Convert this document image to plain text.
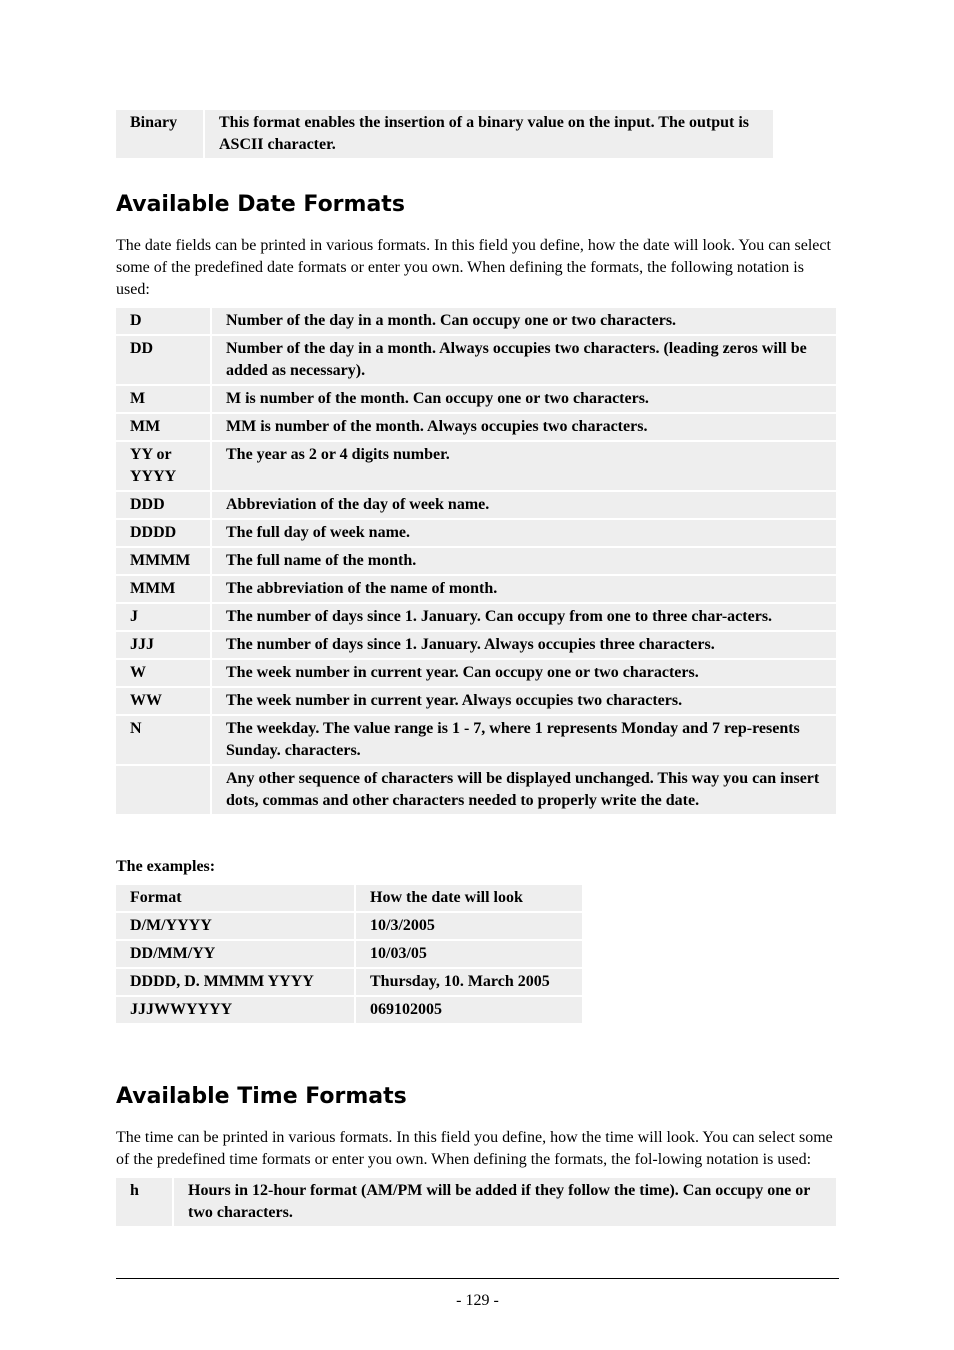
Binary	This format enables the insertion of a binary value on the input. The output is ASCII character.
Available Date Formats

The date fields can be printed in various formats. In this field you define, how the date will look. You can select some of the predefined date formats or enter you own. When defining the formats, the following notation is used:

D	Number of the day in a month. Can occupy one or two characters.
DD	Number of the day in a month. Always occupies two characters. (leading zeros will be added as necessary).
M	M is number of the month. Can occupy one or two characters.
MM	MM is number of the month. Always occupies two characters.
YY or YYYY	The year as 2 or 4 digits number.
DDD	Abbreviation of the day of week name.
DDDD	The full day of week name.
MMMM	The full name of the month.
MMM	The abbreviation of the name of month.
J	The number of days since 1. January. Can occupy from one to three char-acters.
JJJ	The number of days since 1. January. Always occupies three characters.
W	The week number in current year. Can occupy one or two characters.
WW	The week number in current year. Always occupies two characters.
N	The weekday. The value range is 1 - 7, where 1 represents Monday and 7 rep-resents Sunday. characters.
	Any other sequence of characters will be displayed unchanged. This way you can insert dots, commas and other characters needed to properly write the date.

The examples:

Format	How the date will look
D/M/YYYY	10/3/2005
DD/MM/YY	10/03/05
DDDD, D. MMMM YYYY	Thursday, 10. March 2005
JJJWWYYYY	069102005
Available Time Formats

The time can be printed in various formats. In this field you define, how the time will look. You can select some of the predefined time formats or enter you own. When defining the formats, the fol-lowing notation is used:

h	Hours in 12-hour format (AM/PM will be added if they follow the time). Can occupy one or two characters.
- 129 -
